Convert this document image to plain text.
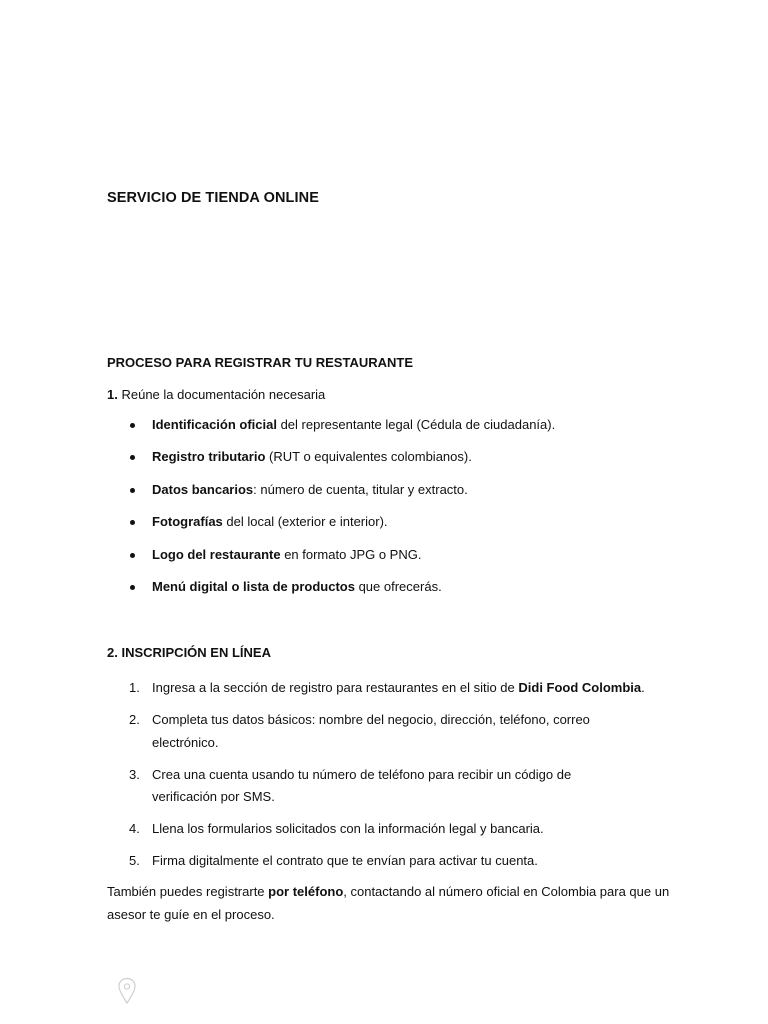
SERVICIO DE TIENDA ONLINE
PROCESO PARA REGISTRAR TU RESTAURANTE

1. Reúne la documentación necesaria

Identificación oficial del representante legal (Cédula de ciudadanía).
Registro tributario (RUT o equivalentes colombianos).
Datos bancarios: número de cuenta, titular y extracto.
Fotografías del local (exterior e interior).
Logo del restaurante en formato JPG o PNG.
Menú digital o lista de productos que ofrecerás.
2. INSCRIPCIÓN EN LÍNEA
1. Ingresa a la sección de registro para restaurantes en el sitio de Didi Food Colombia.
2. Completa tus datos básicos: nombre del negocio, dirección, teléfono, correo electrónico.
3. Crea una cuenta usando tu número de teléfono para recibir un código de verificación por SMS.
4. Llena los formularios solicitados con la información legal y bancaria.
5. Firma digitalmente el contrato que te envían para activar tu cuenta.

También puedes registrarte por teléfono, contactando al número oficial en Colombia para que un asesor te guíe en el proceso.
